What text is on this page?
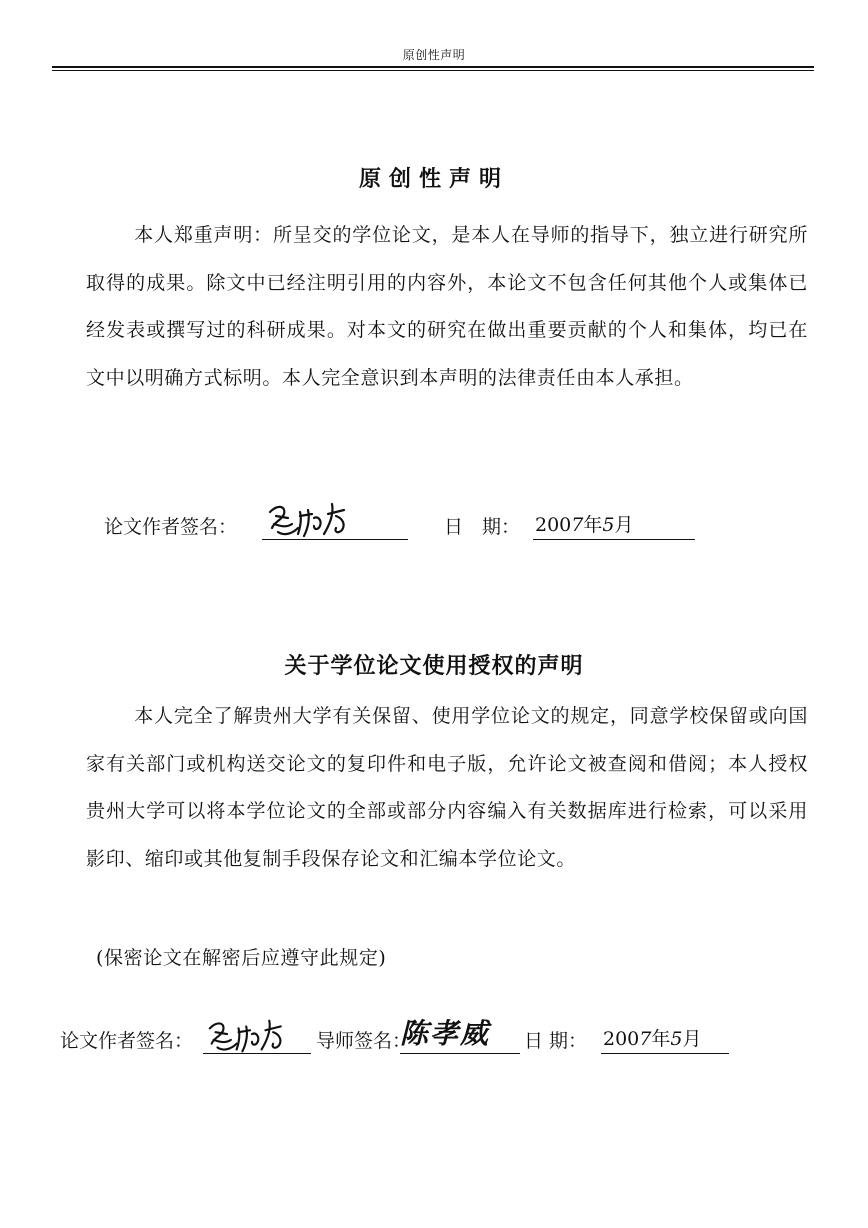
原创性声明
原创性声明
本人郑重声明：所呈交的学位论文，是本人在导师的指导下，独立进行研究所取得的成果。除文中已经注明引用的内容外，本论文不包含任何其他个人或集体已经发表或撰写过的科研成果。对本文的研究在做出重要贡献的个人和集体，均已在文中以明确方式标明。本人完全意识到本声明的法律责任由本人承担。
论文作者签名：	日　期： 2007年5月
关于学位论文使用授权的声明
本人完全了解贵州大学有关保留、使用学位论文的规定，同意学校保留或向国家有关部门或机构送交论文的复印件和电子版，允许论文被查阅和借阅；本人授权贵州大学可以将本学位论文的全部或部分内容编入有关数据库进行检索，可以采用影印、缩印或其他复制手段保存论文和汇编本学位论文。
(保密论文在解密后应遵守此规定)
论文作者签名：	导师签名：
陈孝威 日 期： 2007年5月
